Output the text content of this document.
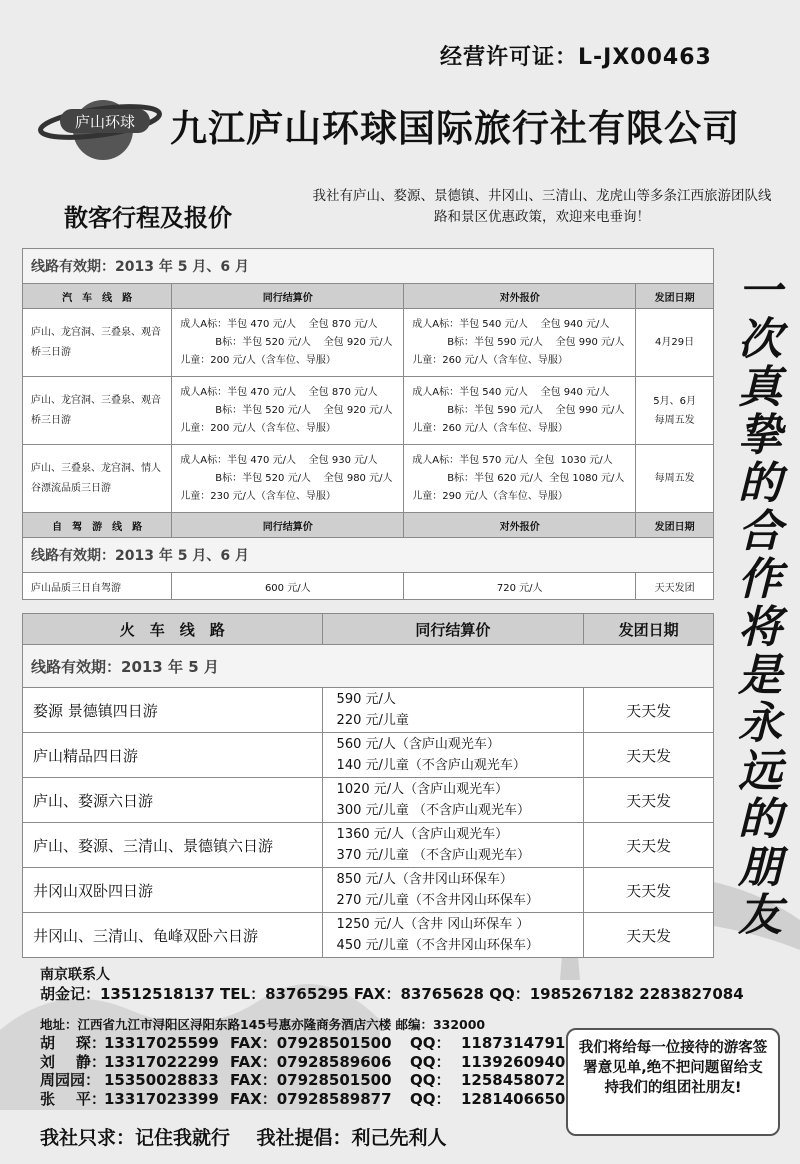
经营许可证：L-JX00463
庐山环球 九江庐山环球国际旅行社有限公司
散客行程及报价
我社有庐山、婺源、景德镇、井冈山、三清山、龙虎山等多条江西旅游团队线路和景区优惠政策，欢迎来电垂询！
线路有效期：2013 年 5 月、6 月			
汽　车　线　路	同行结算价	对外报价	发团日期
庐山、龙宫洞、三叠泉、观音桥三日游	成人A标：半包 470 元/人    全包 870 元/人
B标：半包 520 元/人    全包 920 元/人
儿童：200 元/人（含车位、导服）	成人A标：半包 540 元/人    全包 940 元/人
B标：半包 590 元/人    全包 990 元/人
儿童：260 元/人（含车位、导服）	4月29日
庐山、龙宫洞、三叠泉、观音桥三日游	成人A标：半包 470 元/人    全包 870 元/人
B标：半包 520 元/人    全包 920 元/人
儿童：200 元/人（含车位、导服）	成人A标：半包 540 元/人    全包 940 元/人
B标：半包 590 元/人    全包 990 元/人
儿童：260 元/人（含车位、导服）	5月、6月
每周五发
庐山、三叠泉、龙宫洞、情人谷漂流品质三日游	成人A标：半包 470 元/人    全包 930 元/人
B标：半包 520 元/人    全包 980 元/人
儿童：230 元/人（含车位、导服）	成人A标：半包 570 元/人  全包  1030 元/人
B标：半包 620 元/人  全包 1080 元/人
儿童：290 元/人（含车位、导服）	每周五发
自　驾　游　线　路	同行结算价	对外报价	发团日期
线路有效期：2013 年 5 月、6 月			
庐山品质三日自驾游	600 元/人	720 元/人	天天发团
火　车　线　路	同行结算价	发团日期
线路有效期：2013 年 5 月		
婺源 景德镇四日游	590 元/人
220 元/儿童	天天发
庐山精品四日游	560 元/人（含庐山观光车）
140 元/儿童（不含庐山观光车）	天天发
庐山、婺源六日游	1020 元/人（含庐山观光车）
300 元/儿童 （不含庐山观光车）	天天发
庐山、婺源、三清山、景德镇六日游	1360 元/人（含庐山观光车）
370 元/儿童 （不含庐山观光车）	天天发
井冈山双卧四日游	850 元/人（含井冈山环保车）
270 元/儿童（不含井冈山环保车）	天天发
井冈山、三清山、龟峰双卧六日游	1250 元/人（含井 冈山环保车 ）
450 元/儿童（不含井冈山环保车）	天天发
一次真挚的合作将是永远的朋友
南京联系人
胡金记：13512518137 TEL：83765295 FAX：83765628 QQ：1985267182 2283827084
地址：江西省九江市浔阳区浔阳东路145号惠亦隆商务酒店六楼 邮编：332000
胡    琛：
13317025599 FAX：07928501500	QQ：  1187314791
刘    静：
13317022299 FAX：07928589606	QQ：  1139260940
周园园： 15350028833 FAX：07928501500	QQ：  1258458072
张    平：
13317023399 FAX：07928589877	QQ：  1281406650
我们将给每一位接待的游客签署意见单,绝不把问题留给支持我们的组团社朋友!
我社只求：记住我就行    我社提倡：利己先利人
